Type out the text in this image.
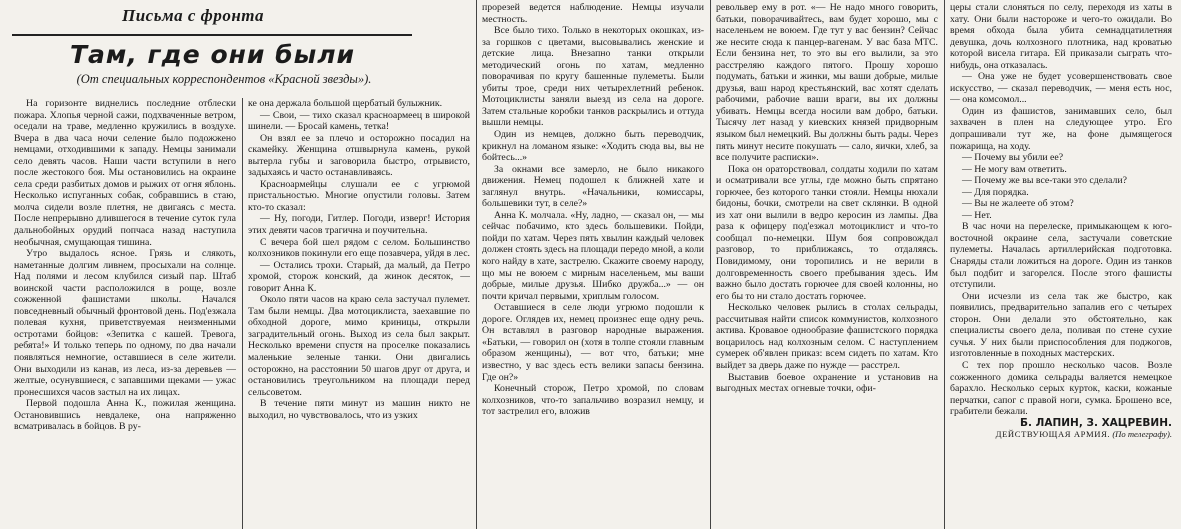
Письма с фронта
Там, где они были
(От специальных корреспондентов «Красной звезды»).

На горизонте виднелись последние отблески пожара. Хлопья черной сажи, подхваченные ветром, оседали на траве, медленно кружились в воздухе. Вчера в два часа ночи селение было подожжено немцами, отходившими к западу. Немцы занимали село девять часов. Наши части вступили в него после жестокого боя. Мы остановились на окраине села среди разбитых домов и рыжих от огня яблонь. Несколько испуганных собак, собравшись в стаю, молча сидели возле плетня, не двигаясь с места. После непрерывно длившегося в течение суток гула дальнобойных орудий попчаса назад наступила необычная, смущающая тишина.

Утро выдалось ясное. Грязь и слякоть, наметанные долгим ливнем, просыхали на солнце. Над полями и лесом клубился сизый пар. Штаб воинской части расположился в роще, возле сожженной фашистами школы. Начался повседневный обычный фронтовой день. Под'езжала полевая кухня, приветствуемая неизменными остротами бойцов: «Зепитка с кашей. Тревога, ребята!» И только теперь по одному, по два начали появляться немногие, оставшиеся в селе жители. Они выходили из канав, из леса, из-за деревьев — желтые, осунувшиеся, с запавшими щеками — ужас пронесшихся часов застыл на их лицах.

Первой подошла Анна К., пожилая женщина. Остановившись невдалеке, она напряженно всматривалась в бойцов. В ру-

ке она держала большой щербатый булыжник.

— Свои, — тихо сказал красноармеец в широкой шинели. — Бросай камень, тетка!

Он взял ее за плечо и осторожно посадил на скамейку. Женщина отшвырнула камень, рукой вытерла губы и заговорила быстро, отрывисто, задыхаясь и часто останавливаясь.

Красноармейцы слушали ее с угрюмой пристальностью. Многие опустили головы. Затем кто-то сказал:

— Ну, погоди, Гитлер. Погоди, изверг! История этих девяти часов трагична и поучительна.

С вечера бой шел рядом с селом. Большинство колхозников покинули его еще позавчера, уйдя в лес.

— Остались трохи. Старый, да малый, да Петро хромой, сторож конский, да жинок десяток, — говорит Анна К.

Около пяти часов на краю села застучал пулемет. Там были немцы. Два мотоциклиста, заехавшие по обходной дороге, мимо криницы, открыли заградительный огонь. Выход из села был закрыт. Несколько времени спустя на проселке показались маленькие зеленые танки. Они двигались осторожно, на расстоянии 50 шагов друг от друга, и остановились треугольником на площади перед сельсоветом.

В течение пяти минут из машин никто не выходил, но чувствовалось, что из узких

прорезей ведется наблюдение. Немцы изучали местность.

Все было тихо. Только в некоторых окошках, из-за горшков с цветами, высовывались женские и детские лица. Внезапно танки открыли методический огонь по хатам, медленно поворачивая по кругу башенные пулеметы. Были убиты трое, среди них четырехлетний ребенок. Мотоциклисты заняли выезд из села на дороге. Затем стальные коробки танков раскрылись и оттуда вышли немцы.

Один из немцев, должно быть переводчик, крикнул на ломаном языке: «Ходить сюда вы, вы не бойтесь...»

За окнами все замерло, не было никакого движения. Немец подошел к ближней хате и заглянул внутрь. «Начальники, комиссары, большевики тут, в селе?»

Анна К. молчала. «Ну, ладно, — сказал он, — мы сейчас побачимо, кто здесь большевики. Пойди, пойди по хатам. Через пять хвылин каждый человек должен стоять здесь на площади передо мной, а коли кого найду в хате, застрелю. Скажите своему народу, що мы не воюем с мирным населеньем, мы ваши добрые, милые друзья. Шибко дружба...» — он почти кричал первыми, хриплым голосом.

Оставшиеся в селе люди угрюмо подошли к дороге. Оглядев их, немец произнес еще одну речь. Он вставлял в разговор народные выражения. «Батьки, — говорил он (хотя в толпе стояли главным образом женщины), — вот что, батьки; мне известно, у вас здесь есть велики запасы бензина. Где он?»

Конечный сторож, Петро хромой, по словам колхозников, что-то запальчиво возразил немцу, и тот застрелил его, вложив

револьвер ему в рот. «— Не надо много говорить, батьки, поворачивайтесь, вам будет хорошо, мы с населеньем не воюем. Где тут у вас бензин? Сейчас же несите сюда к панцер-вагенам. У вас база МТС. Если бензина нет, то это вы его вылили, за это расстреляю каждого пятого. Прошу хорошо подумать, батьки и жинки, мы ваши добрые, милые друзья, ваш народ крестьянский, вас хотят сделать рабочими, рабочие ваши враги, вы их должны убивать. Немцы всегда носили вам добро, батьки. Тысячу лет назад у киевских князей придворным языком был немецкий. Вы должны быть рады. Через пять минут несите покушать — сало, яички, хлеб, за все получите расписки».

Пока он ораторствовал, солдаты ходили по хатам и осматривали все углы, где можно быть спрятано горючее, без которого танки стояли. Немцы нюхали бидоны, бочки, смотрели на свет склянки. В одной из хат они вылили в ведро керосин из лампы. Два раза к офицеру под'езжал мотоциклист и что-то сообщал по-немецки. Шум боя сопровождал разговор, то приближаясь, то отдаляясь. Повидимому, они торопились и не верили в долговременность своего пребывания здесь. Им важно было достать горючее для своей колонны, но его бы то ни стало достать горючее.

Несколько человек рылись в столах сельрады, рассчитывая найти список коммунистов, колхозного актива. Кровавое однообразие фашистского порядка воцарилось над колхозным селом. С наступлением сумерек об'явлен приказ: всем сидеть по хатам. Кто выйдет за дверь даже по нужде — расстрел.

Выставив боевое охранение и установив на выгодных местах огневые точки, офи-

церы стали слоняться по селу, переходя из хаты в хату. Они были настороже и чего-то ожидали. Во время обхода была убита семнадцатилетняя девушка, дочь колхозного плотника, над кроватью которой висела гитара. Ей приказали сыграть что-нибудь, она отказалась.

— Она уже не будет усовершенствовать свое искусство, — сказал переводчик, — меня есть нос, — она комсомол...

Один из фашистов, занимавших село, был захвачен в плен на следующее утро. Его допрашивали тут же, на фоне дымящегося пожарища, на ходу.

— Почему вы убили ее?

— Не могу вам ответить.

— Почему же вы все-таки это сделали?

— Для порядка.

— Вы не жалеете об этом?

— Нет.

В час ночи на перелеске, примыкающем к юго-восточной окраине села, застучали советские пулеметы. Началась артиллерийская подготовка. Снаряды стали ложиться на дороге. Один из танков был подбит и загорелся. После этого фашисты отступили.

Они исчезли из села так же быстро, как появились, предварительно запалив его с четырех сторон. Они делали это обстоятельно, как специалисты своего дела, поливая по стене сухие сучья. У них были приспособления для поджогов, изготовленные в походных мастерских.

С тех пор прошло несколько часов. Возле сожженного домика сельрады валяется немецкое барахло. Несколько серых курток, каски, кожаные перчатки, сапог с правой ноги, сумка. Брошено все, грабители бежали.

Б. ЛАПИН, З. ХАЦРЕВИН.

ДЕЙСТВУЮЩАЯ АРМИЯ. (По телеграфу).
